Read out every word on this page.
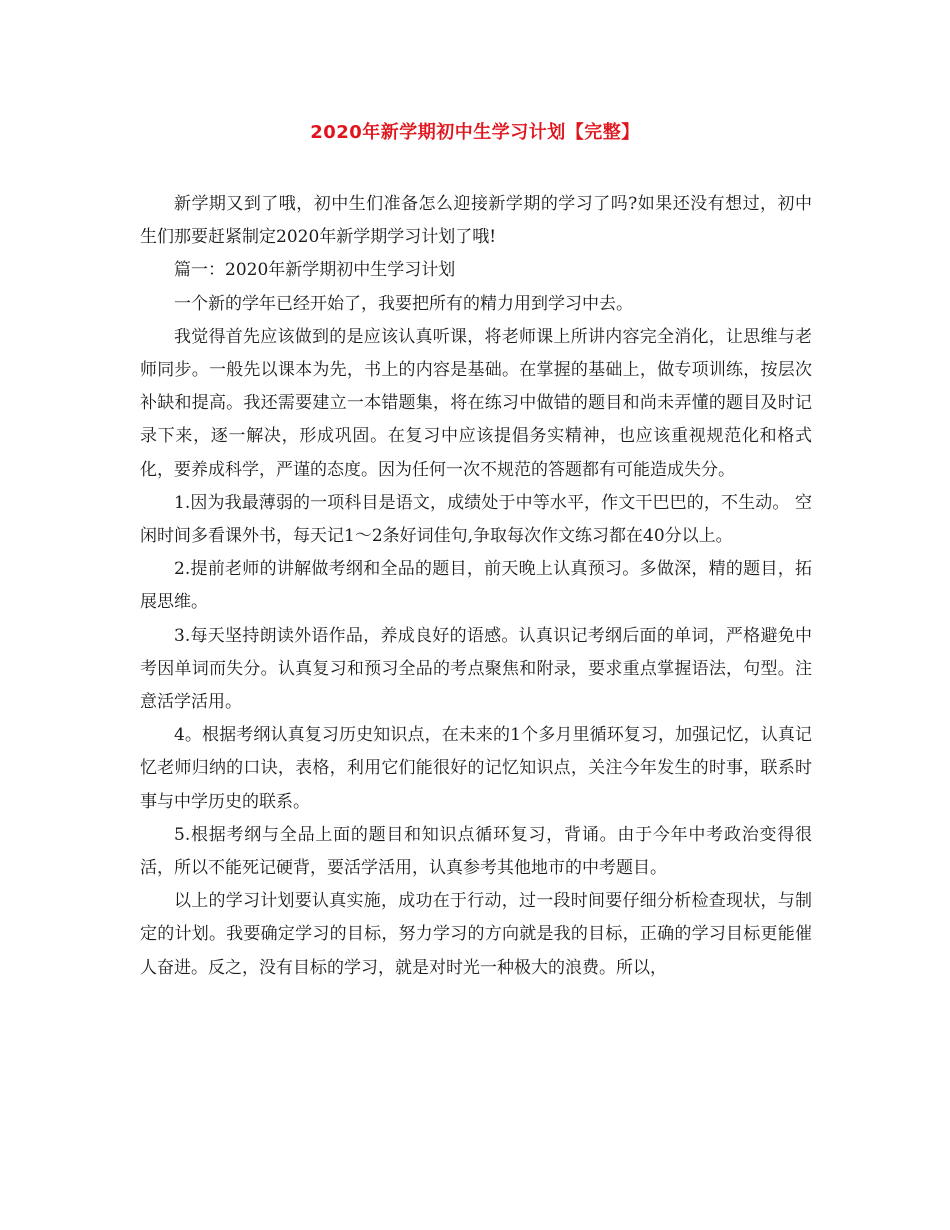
2020年新学期初中生学习计划【完整】

新学期又到了哦，初中生们准备怎么迎接新学期的学习了吗?如果还没有想过，初中生们那要赶紧制定2020年新学期学习计划了哦!

篇一：2020年新学期初中生学习计划

一个新的学年已经开始了，我要把所有的精力用到学习中去。

我觉得首先应该做到的是应该认真听课，将老师课上所讲内容完全消化，让思维与老师同步。一般先以课本为先，书上的内容是基础。在掌握的基础上，做专项训练，按层次补缺和提高。我还需要建立一本错题集，将在练习中做错的题目和尚未弄懂的题目及时记录下来，逐一解决，形成巩固。在复习中应该提倡务实精神，也应该重视规范化和格式化，要养成科学，严谨的态度。因为任何一次不规范的答题都有可能造成失分。

1.因为我最薄弱的一项科目是语文，成绩处于中等水平，作文干巴巴的，不生动。 空闲时间多看课外书，每天记1～2条好词佳句,争取每次作文练习都在40分以上。

2.提前老师的讲解做考纲和全品的题目，前天晚上认真预习。多做深，精的题目，拓展思维。

3.每天坚持朗读外语作品，养成良好的语感。认真识记考纲后面的单词，严格避免中考因单词而失分。认真复习和预习全品的考点聚焦和附录，要求重点掌握语法，句型。注意活学活用。

4。根据考纲认真复习历史知识点，在未来的1个多月里循环复习，加强记忆，认真记忆老师归纳的口诀，表格，利用它们能很好的记忆知识点，关注今年发生的时事，联系时事与中学历史的联系。

5.根据考纲与全品上面的题目和知识点循环复习，背诵。由于今年中考政治变得很活，所以不能死记硬背，要活学活用，认真参考其他地市的中考题目。

以上的学习计划要认真实施，成功在于行动，过一段时间要仔细分析检查现状，与制定的计划。我要确定学习的目标，努力学习的方向就是我的目标，正确的学习目标更能催人奋进。反之，没有目标的学习，就是对时光一种极大的浪费。所以，
